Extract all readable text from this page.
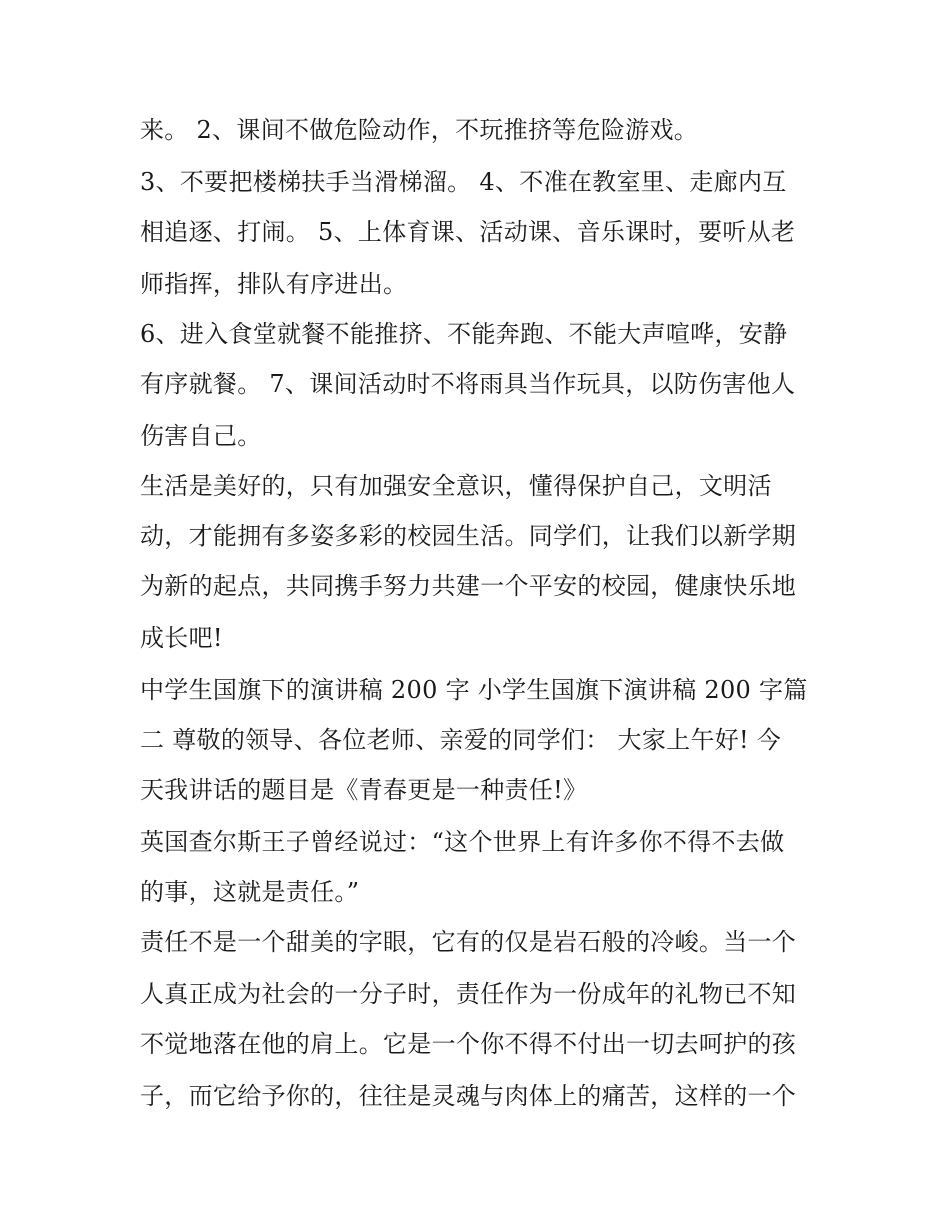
来。 2、课间不做危险动作，不玩推挤等危险游戏。
3、不要把楼梯扶手当滑梯溜。 4、不准在教室里、走廊内互
相追逐、打闹。 5、上体育课、活动课、音乐课时，要听从老
师指挥，排队有序进出。
6、进入食堂就餐不能推挤、不能奔跑、不能大声喧哗，安静
有序就餐。 7、课间活动时不将雨具当作玩具，以防伤害他人
伤害自己。
生活是美好的，只有加强安全意识，懂得保护自己，文明活
动，才能拥有多姿多彩的校园生活。同学们，让我们以新学期
为新的起点，共同携手努力共建一个平安的校园，健康快乐地
成长吧!
中学生国旗下的演讲稿 200 字 小学生国旗下演讲稿 200 字篇
二 尊敬的领导、各位老师、亲爱的同学们： 大家上午好! 今
天我讲话的题目是《青春更是一种责任!》
英国查尔斯王子曾经说过：“这个世界上有许多你不得不去做
的事，这就是责任。”
责任不是一个甜美的字眼，它有的仅是岩石般的冷峻。当一个
人真正成为社会的一分子时，责任作为一份成年的礼物已不知
不觉地落在他的肩上。它是一个你不得不付出一切去呵护的孩
子，而它给予你的，往往是灵魂与肉体上的痛苦，这样的一个
